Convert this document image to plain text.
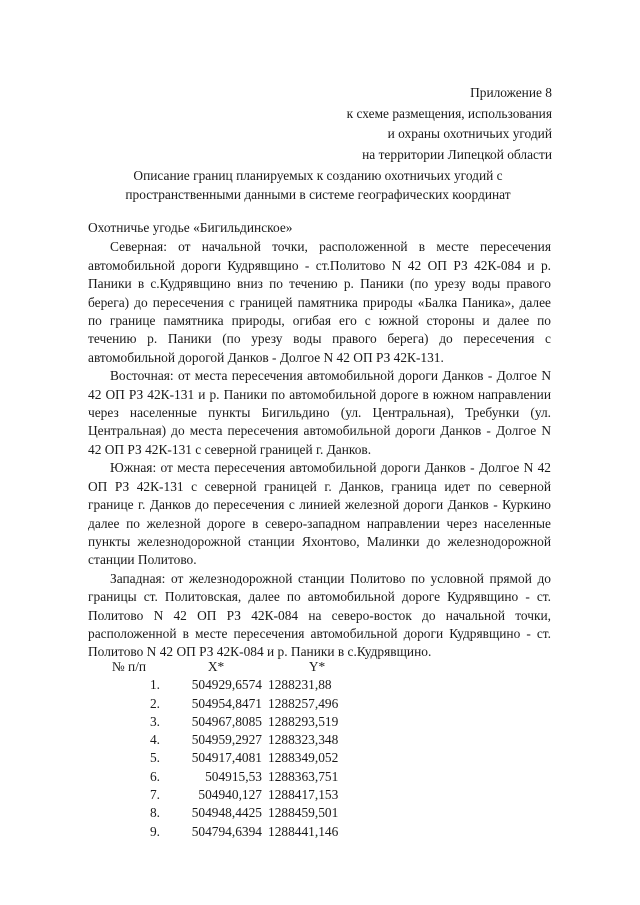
Приложение 8
к схеме размещения, использования
и охраны охотничьих угодий
на территории Липецкой области
Описание границ планируемых к созданию охотничьих угодий с пространственными данными в системе географических координат

Охотничье угодье «Бигильдинское»

Северная: от начальной точки, расположенной в месте пересечения автомобильной дороги Кудрявщино - ст.Политово N 42 ОП РЗ 42К-084 и р. Паники в с.Кудрявщино вниз по течению р. Паники (по урезу воды правого берега) до пересечения с границей памятника природы «Балка Паника», далее по границе памятника природы, огибая его с южной стороны и далее по течению р. Паники (по урезу воды правого берега) до пересечения с автомобильной дорогой Данков - Долгое N 42 ОП РЗ 42К-131.

Восточная: от места пересечения автомобильной дороги Данков - Долгое N 42 ОП РЗ 42К-131 и р. Паники по автомобильной дороге в южном направлении через населенные пункты Бигильдино (ул. Центральная), Требунки (ул. Центральная) до места пересечения автомобильной дороги Данков - Долгое N 42 ОП РЗ 42К-131 с северной границей г. Данков.

Южная: от места пересечения автомобильной дороги Данков - Долгое N 42 ОП РЗ 42К-131 с северной границей г. Данков, граница идет по северной границе г. Данков до пересечения с линией железной дороги Данков - Куркино далее по железной дороге в северо-западном направлении через населенные пункты железнодорожной станции Яхонтово, Малинки до железнодорожной станции Политово.

Западная: от железнодорожной станции Политово по условной прямой до границы ст. Политовская, далее по автомобильной дороге Кудрявщино - ст. Политово N 42 ОП РЗ 42К-084 на северо-восток до начальной точки, расположенной в месте пересечения автомобильной дороги Кудрявщино - ст. Политово N 42 ОП РЗ 42К-084 и р. Паники в с.Кудрявщино.

№ п/п	X*	Y*
1.	504929,6574	1288231,88
2.	504954,8471	1288257,496
3.	504967,8085	1288293,519
4.	504959,2927	1288323,348
5.	504917,4081	1288349,052
6.	504915,53	1288363,751
7.	504940,127	1288417,153
8.	504948,4425	1288459,501
9.	504794,6394	1288441,146
